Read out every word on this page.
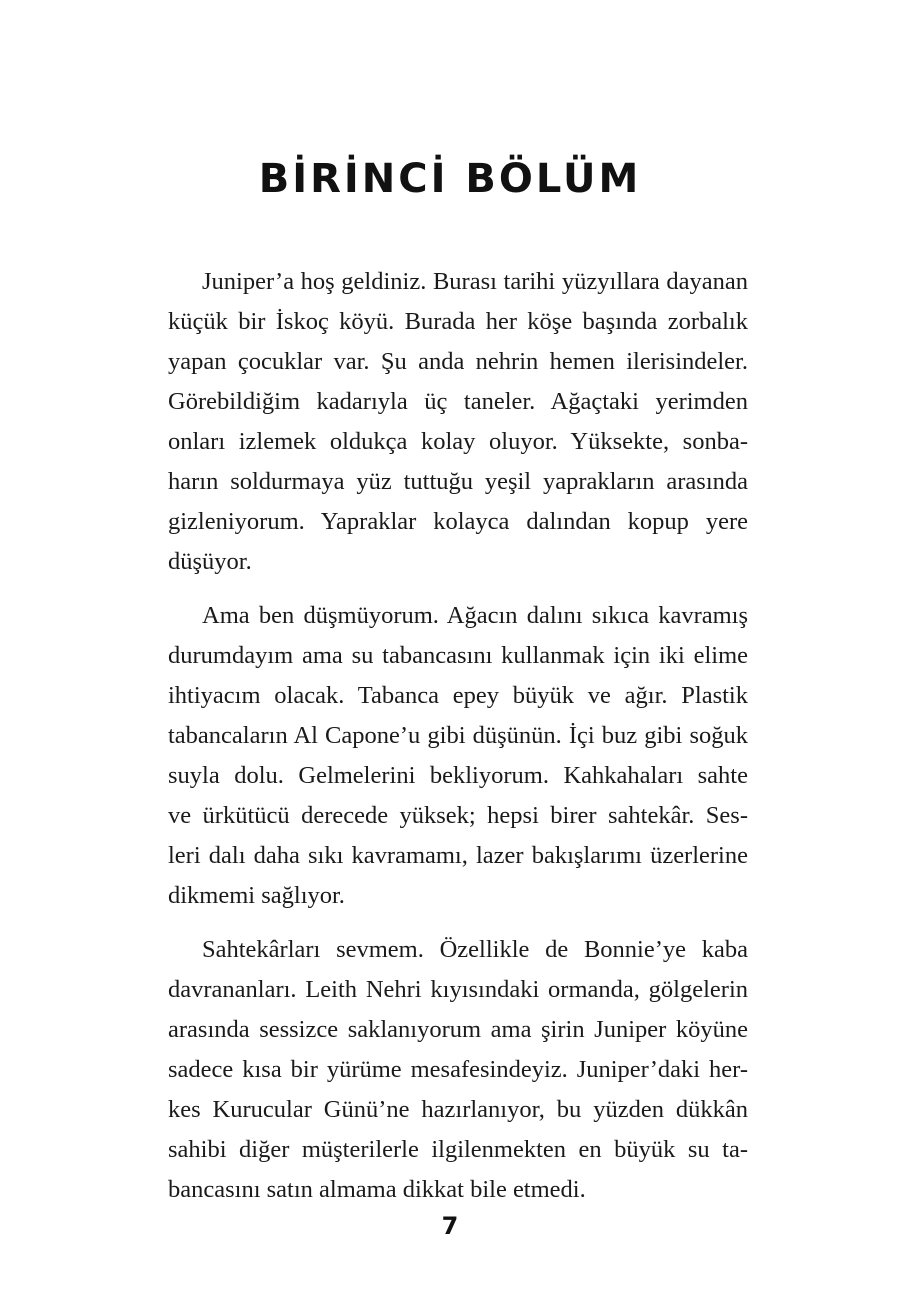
BİRİNCİ BÖLÜM

Juniper’a hoş geldiniz. Burası tarihi yüzyıllara dayanan
küçük bir İskoç köyü. Burada her köşe başında zorbalık
yapan çocuklar var. Şu anda nehrin hemen ilerisindeler.
Görebildiğim kadarıyla üç taneler. Ağaçtaki yerimden
onları izlemek oldukça kolay oluyor. Yüksekte, sonba-
harın soldurmaya yüz tuttuğu yeşil yaprakların arasında
gizleniyorum. Yapraklar kolayca dalından kopup yere
düşüyor.

Ama ben düşmüyorum. Ağacın dalını sıkıca kavramış
durumdayım ama su tabancasını kullanmak için iki elime
ihtiyacım olacak. Tabanca epey büyük ve ağır. Plastik
tabancaların Al Capone’u gibi düşünün. İçi buz gibi soğuk
suyla dolu. Gelmelerini bekliyorum. Kahkahaları sahte
ve ürkütücü derecede yüksek; hepsi birer sahtekâr. Ses-
leri dalı daha sıkı kavramamı, lazer bakışlarımı üzerlerine
dikmemi sağlıyor.

Sahtekârları sevmem. Özellikle de Bonnie’ye kaba
davrananları. Leith Nehri kıyısındaki ormanda, gölgelerin
arasında sessizce saklanıyorum ama şirin Juniper köyüne
sadece kısa bir yürüme mesafesindeyiz. Juniper’daki her-
kes Kurucular Günü’ne hazırlanıyor, bu yüzden dükkân
sahibi diğer müşterilerle ilgilenmekten en büyük su ta-
bancasını satın almama dikkat bile etmedi.

7
